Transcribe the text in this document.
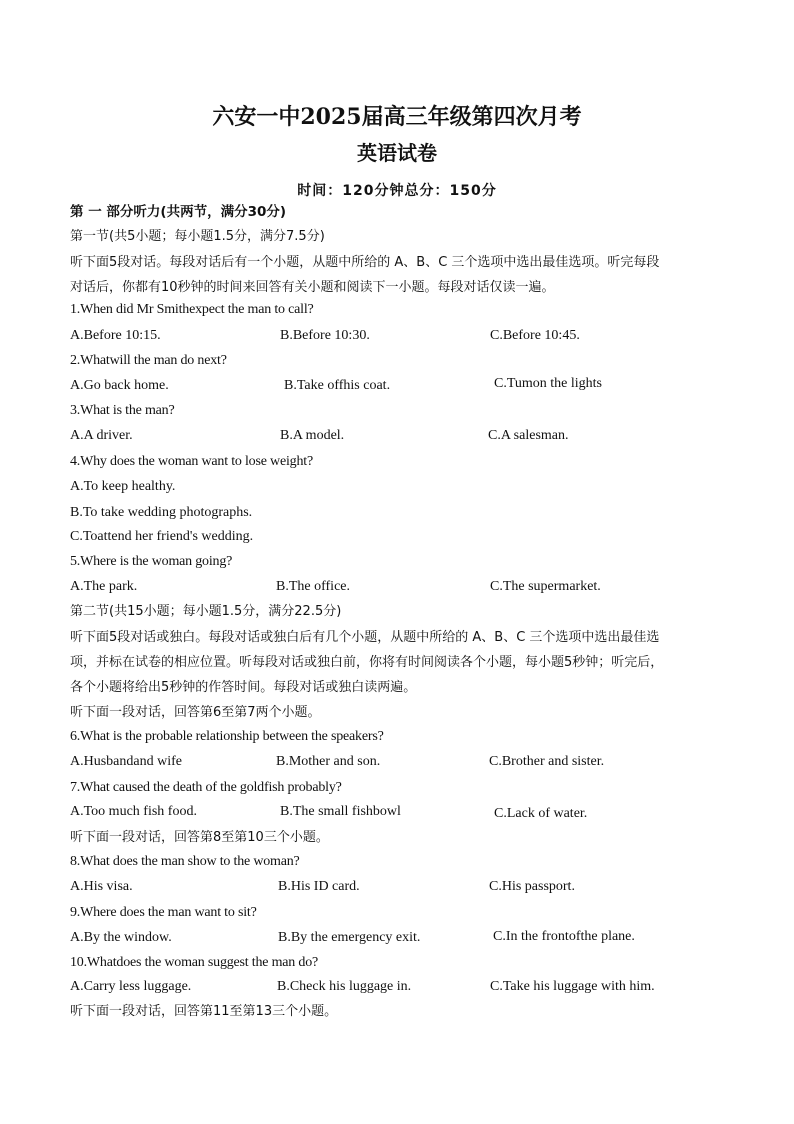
六安一中2025届高三年级第四次月考
英语试卷
时间：120分钟总分：150分
第 一 部分听力(共两节，满分30分)
第一节(共5小题；每小题1.5分，满分7.5分)
听下面5段对话。每段对话后有一个小题，从题中所给的 A、B、C 三个选项中选出最佳选项。听完每段
对话后，你都有10秒钟的时间来回答有关小题和阅读下一小题。每段对话仅读一遍。
1.When did Mr Smithexpect the man to call?
A.Before 10:15.	B.Before 10:30.	C.Before 10:45.
2.Whatwill the man do next?
A.Go back home.	B.Take offhis coat.	C.Tumon the lights
3.What is the man?
A.A driver.	B.A model.	C.A salesman.
4.Why does the woman want to lose weight?
A.To keep healthy.
B.To take wedding photographs.
C.Toattend her friend's wedding.
5.Where is the woman going?
A.The park.	B.The office.	C.The supermarket.
第二节(共15小题；每小题1.5分，满分22.5分)
听下面5段对话或独白。每段对话或独白后有几个小题，从题中所给的 A、B、C 三个选项中选出最佳选
项，并标在试卷的相应位置。听每段对话或独白前，你将有时间阅读各个小题，每小题5秒钟；听完后，
各个小题将给出5秒钟的作答时间。每段对话或独白读两遍。
听下面一段对话，回答第6至第7两个小题。
6.What is the probable relationship between the speakers?
A.Husbandand wife	B.Mother and son.	C.Brother and sister.
7.What caused the death of the goldfish probably?
A.Too much fish food.	B.The small fishbowl	C.Lack of water.
听下面一段对话，回答第8至第10三个小题。
8.What does the man show to the woman?
A.His visa.	B.His ID card.	C.His passport.
9.Where does the man want to sit?
A.By the window.	B.By the emergency exit.	C.In the frontofthe plane.
10.Whatdoes the woman suggest the man do?
A.Carry less luggage.	B.Check his luggage in.	C.Take his luggage with him.
听下面一段对话，回答第11至第13三个小题。
